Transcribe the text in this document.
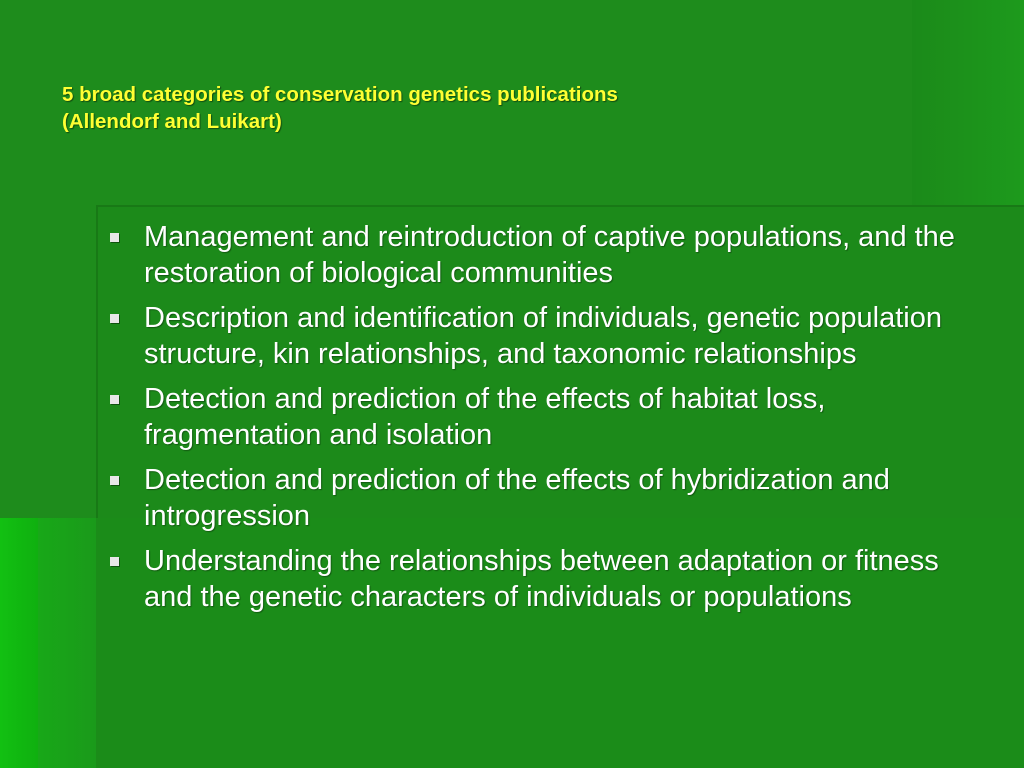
5 broad categories of conservation genetics publications
(Allendorf and Luikart)
Management and reintroduction of captive populations, and the restoration of biological communities
Description and identification of individuals, genetic population structure, kin relationships, and taxonomic relationships
Detection and prediction of the effects of habitat loss, fragmentation and isolation
Detection and prediction of the effects of hybridization and introgression
Understanding the relationships between adaptation or fitness and the genetic characters of individuals or populations
